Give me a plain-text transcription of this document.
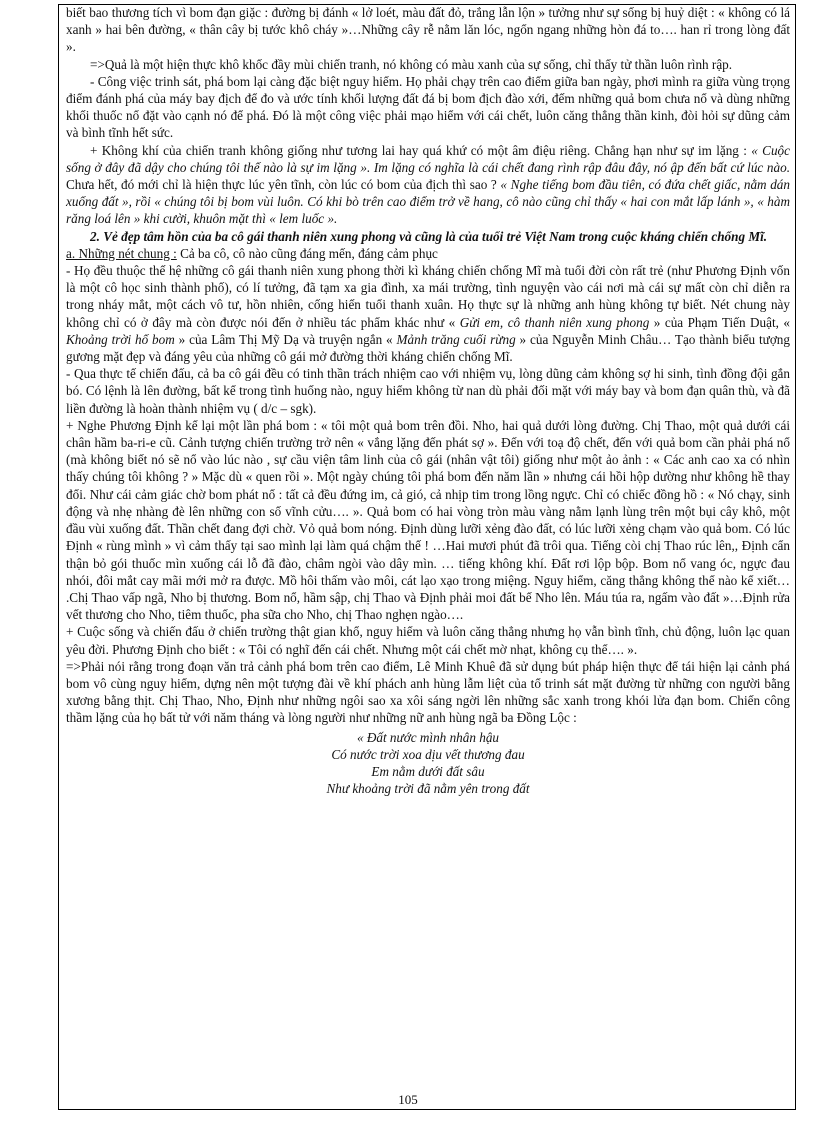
biết bao thương tích vì bom đạn giặc : đường bị đánh « lở loét, màu đất đỏ, trắng lẫn lộn » tưởng như sự sống bị huỷ diệt : « không có lá xanh » hai bên đường, « thân cây bị tước khô cháy »…Những cây rễ nằm lăn lóc, ngổn ngang những hòn đá to…. han rỉ trong lòng đất ».

=>Quả là một hiện thực khô khốc đầy mùi chiến tranh, nó không có màu xanh của sự sống, chỉ thấy tử thần luôn rình rập.

- Công việc trinh sát, phá bom lại càng đặc biệt nguy hiểm. Họ phải chạy trên cao điểm giữa ban ngày, phơi mình ra giữa vùng trọng điểm đánh phá của máy bay địch để đo và ước tính khối lượng đất đá bị bom địch đào xới, đếm những quả bom chưa nổ và dùng những khối thuốc nổ đặt vào cạnh nó để phá. Đó là một công việc phải mạo hiểm với cái chết, luôn căng thẳng thần kinh, đòi hỏi sự dũng cảm và bình tĩnh hết sức.

+ Không khí của chiến tranh không giống như tương lai hay quá khứ có một âm điệu riêng. Chẳng hạn như sự im lặng : « Cuộc sống ở đây đã dậy cho chúng tôi thế nào là sự im lặng ». Im lặng có nghĩa là cái chết đang rình rập đâu đây, nó ập đến bất cứ lúc nào. Chưa hết, đó mới chỉ là hiện thực lúc yên tĩnh, còn lúc có bom của địch thì sao ? « Nghe tiếng bom đầu tiên, có đứa chết giấc, nằm dán xuống đất », rồi « chúng tôi bị bom vùi luôn. Có khi bò trên cao điểm trở về hang, cô nào cũng chỉ thấy « hai con mắt lấp lánh », « hàm răng loá lên » khi cười, khuôn mặt thì « lem luốc ».

2. Vẻ đẹp tâm hồn của ba cô gái thanh niên xung phong và cũng là của tuổi trẻ Việt Nam trong cuộc kháng chiến chống Mĩ.

a. Những nét chung : Cả ba cô, cô nào cũng đáng mến, đáng cảm phục

- Họ đều thuộc thế hệ những cô gái thanh niên xung phong thời kì kháng chiến chống Mĩ mà tuổi đời còn rất trẻ (như Phương Định vốn là một cô học sinh thành phố), có lí tưởng, đã tạm xa gia đình, xa mái trường, tình nguyện vào cái nơi mà cái sự mất còn chỉ diễn ra trong nháy mắt, một cách vô tư, hồn nhiên, cống hiến tuổi thanh xuân. Họ thực sự là những anh hùng không tự biết. Nét chung này không chỉ có ở đây mà còn được nói đến ở nhiều tác phẩm khác như « Gửi em, cô thanh niên xung phong » của Phạm Tiến Duật, « Khoảng trời hố bom » của Lâm Thị Mỹ Dạ và truyện ngắn « Mảnh trăng cuối rừng » của Nguyễn Minh Châu… Tạo thành biểu tượng gương mặt đẹp và đáng yêu của những cô gái mở đường thời kháng chiến chống Mĩ.

- Qua thực tế chiến đấu, cả ba cô gái đều có tinh thần trách nhiệm cao với nhiệm vụ, lòng dũng cảm không sợ hi sinh, tình đồng đội gắn bó. Có lệnh là lên đường, bất kể trong tình huống nào, nguy hiểm không từ nan dù phải đối mặt với máy bay và bom đạn quân thù, và đã liền đường là hoàn thành nhiệm vụ ( d/c – sgk).

+ Nghe Phương Định kể lại một lần phá bom : « tôi một quả bom trên đồi. Nho, hai quả dưới lòng đường. Chị Thao, một quả dưới cái chân hầm ba-ri-e cũ. Cảnh tượng chiến trường trở nên « vắng lặng đến phát sợ ». Đến với toạ độ chết, đến với quả bom cần phải phá nổ (mà không biết nó sẽ nổ vào lúc nào , sự cầu viện tâm linh của cô gái (nhân vật tôi) giống như một ảo ảnh : « Các anh cao xa có nhìn thấy chúng tôi không ? » Mặc dù « quen rồi ». Một ngày chúng tôi phá bom đến năm lần » nhưng cái hồi hộp dường như không hề thay đổi. Như cái cảm giác chờ bom phát nổ : tất cả đều đứng im, cả gió, cả nhịp tim trong lồng ngực. Chỉ có chiếc đồng hồ : « Nó chạy, sinh động và nhẹ nhàng đè lên những con số vĩnh cửu…. ». Quả bom có hai vòng tròn màu vàng nằm lạnh lùng trên một bụi cây khô, một đầu vùi xuống đất. Thần chết đang đợi chờ. Vỏ quả bom nóng. Định dùng lưỡi xẻng đào đất, có lúc lưỡi xẻng chạm vào quả bom. Có lúc Định « rùng mình » vì cảm thấy tại sao mình lại làm quá chậm thế ! …Hai mươi phút đã trôi qua. Tiếng còi chị Thao rúc lên,, Định cẩn thận bỏ gói thuốc mìn xuống cái lỗ đã đào, châm ngòi vào dây mìn. … tiếng không khí. Đất rơi lộp bộp. Bom nổ vang óc, ngực đau nhói, đôi mắt cay mãi mới mở ra được. Mồ hôi thấm vào môi, cát lạo xạo trong miệng. Nguy hiểm, căng thẳng không thể nào kể xiết… .Chị Thao vấp ngã, Nho bị thương. Bom nổ, hầm sập, chị Thao và Định phải moi đất bế Nho lên. Máu túa ra, ngấm vào đất »…Định rửa vết thương cho Nho, tiêm thuốc, pha sữa cho Nho, chị Thao nghẹn ngào….

+ Cuộc sống và chiến đấu ở chiến trường thật gian khổ, nguy hiểm và luôn căng thẳng nhưng họ vẫn bình tĩnh, chủ động, luôn lạc quan yêu đời. Phương Định cho biết : « Tôi có nghĩ đến cái chết. Nhưng một cái chết mờ nhạt, không cụ thể…. ».

=>Phải nói rằng trong đoạn văn trả cảnh phá bom trên cao điểm, Lê Minh Khuê đã sử dụng bút pháp hiện thực để tái hiện lại cảnh phá bom vô cùng nguy hiểm, dựng nên một tượng đài về khí phách anh hùng lẫm liệt của tổ trinh sát mặt đường từ những con người bằng xương bằng thịt. Chị Thao, Nho, Định như những ngôi sao xa xôi sáng ngời lên những sắc xanh trong khói lửa đạn bom. Chiến công thầm lặng của họ bất tử với năm tháng và lòng người như những nữ anh hùng ngã ba Đồng Lộc :

« Đất nước mình nhân hậu

Có nước trời xoa dịu vết thương đau

Em nằm dưới đất sâu

Như khoảng trời đã nằm yên trong đất

105
